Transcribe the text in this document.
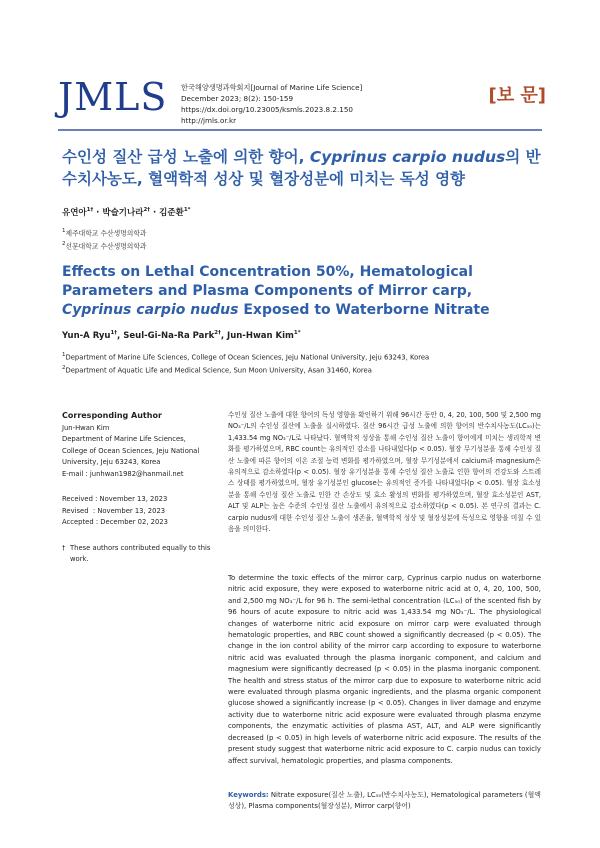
JMLS 한국해양생명과학회지[Journal of Marine Life Science]
December 2023; 8(2): 150-159
https://dx.doi.org/10.23005/ksmls.2023.8.2.150
http://jmls.or.kr
[보 문]
수인성 질산 급성 노출에 의한 향어, Cyprinus carpio nudus의 반수치사농도, 혈액학적 성상 및 혈장성분에 미치는 독성 영향
유연아$^{1\dagger}$ · 박슬기나라$^{2\dagger}$ · 김준환$^{1*}$
$^1$제주대학교 수산생명의학과
$^2$선문대학교 수산생명의학과
Effects on Lethal Concentration 50%, Hematological Parameters and Plasma Components of Mirror carp, Cyprinus carpio nudus Exposed to Waterborne Nitrate
Yun-A Ryu$^{1\dagger}$, Seul-Gi-Na-Ra Park$^{2\dagger}$, Jun-Hwan Kim$^{1*}$
$^1$Department of Marine Life Sciences, College of Ocean Sciences, Jeju National University, Jeju 63243, Korea
$^2$Department of Aquatic Life and Medical Science, Sun Moon University, Asan 31460, Korea
Corresponding Author
Jun-Hwan Kim
Department of Marine Life Sciences,
College of Ocean Sciences, Jeju National
University, Jeju 63243, Korea
E-mail : junhwan1982@hanmail.net
Received : November 13, 2023
Revised  : November 13, 2023
Accepted : December 02, 2023
† These authors contributed equally to this work.
수인성 질산 노출에 대한 향어의 독성 영향을 확인하기 위해 96시간 동안 0, 4, 20, 100, 500 및 2,500 mg NO₃⁻/L의 수인성 질산에 노출을 실시하였다. 질산 96시간 급성 노출에 의한 향어의 반수치사농도(LC₅₀)는 1,433.54 mg NO₃⁻/L로 나타났다. 혈액학적 성상을 통해 수인성 질산 노출이 향어에게 미치는 생리학적 변화를 평가하였으며, RBC count는 유의적인 감소를 나타내었다(p < 0.05). 혈장 무기성분을 통해 수인성 질산 노출에 따른 향어의 이온 조절 능력 변화를 평가하였으며, 혈장 무기성분에서 calcium과 magnesium은 유의적으로 감소하였다(p < 0.05). 혈장 유기성분을 통해 수인성 질산 노출로 인한 향어의 건강도와 스트레스 상태를 평가하였으며, 혈장 유기성분인 glucose는 유의적인 증가를 나타내었다(p < 0.05). 혈장 효소성분을 통해 수인성 질산 노출로 인한 간 손상도 및 효소 활성의 변화를 평가하였으며, 혈장 효소성분인 AST, ALT 및 ALP는 높은 수준의 수인성 질산 노출에서 유의적으로 감소하였다(p < 0.05). 본 연구의 결과는 C. carpio nudus에 대한 수인성 질산 노출이 생존율, 혈액학적 성상 및 혈장성분에 독성으로 영향을 미칠 수 있음을 의미한다.
To determine the toxic effects of the mirror carp, Cyprinus carpio nudus on waterborne nitric acid exposure, they were exposed to waterborne nitric acid at 0, 4, 20, 100, 500, and 2,500 mg NO₃⁻/L for 96 h. The semi-lethal concentration (LC₅₀) of the scented fish by 96 hours of acute exposure to nitric acid was 1,433.54 mg NO₃⁻/L. The physiological changes of waterborne nitric acid exposure on mirror carp were evaluated through hematologic properties, and RBC count showed a significantly decreased (p < 0.05). The change in the ion control ability of the mirror carp according to exposure to waterborne nitric acid was evaluated through the plasma inorganic component, and calcium and magnesium were significantly decreased (p < 0.05) in the plasma inorganic component. The health and stress status of the mirror carp due to exposure to waterborne nitric acid were evaluated through plasma organic ingredients, and the plasma organic component glucose showed a significantly increase (p < 0.05). Changes in liver damage and enzyme activity due to waterborne nitric acid exposure were evaluated through plasma enzyme components, the enzymatic activities of plasma AST, ALT, and ALP were significantly decreased (p < 0.05) in high levels of waterborne nitric acid exposure. The results of the present study suggest that waterborne nitric acid exposure to C. carpio nudus can toxicly affect survival, hematologic properties, and plasma components.
Keywords: Nitrate exposure(질산 노출), LC₅₀(반수치사농도), Hematological parameters (혈액 성상), Plasma components(혈장성분), Mirror carp(향어)
